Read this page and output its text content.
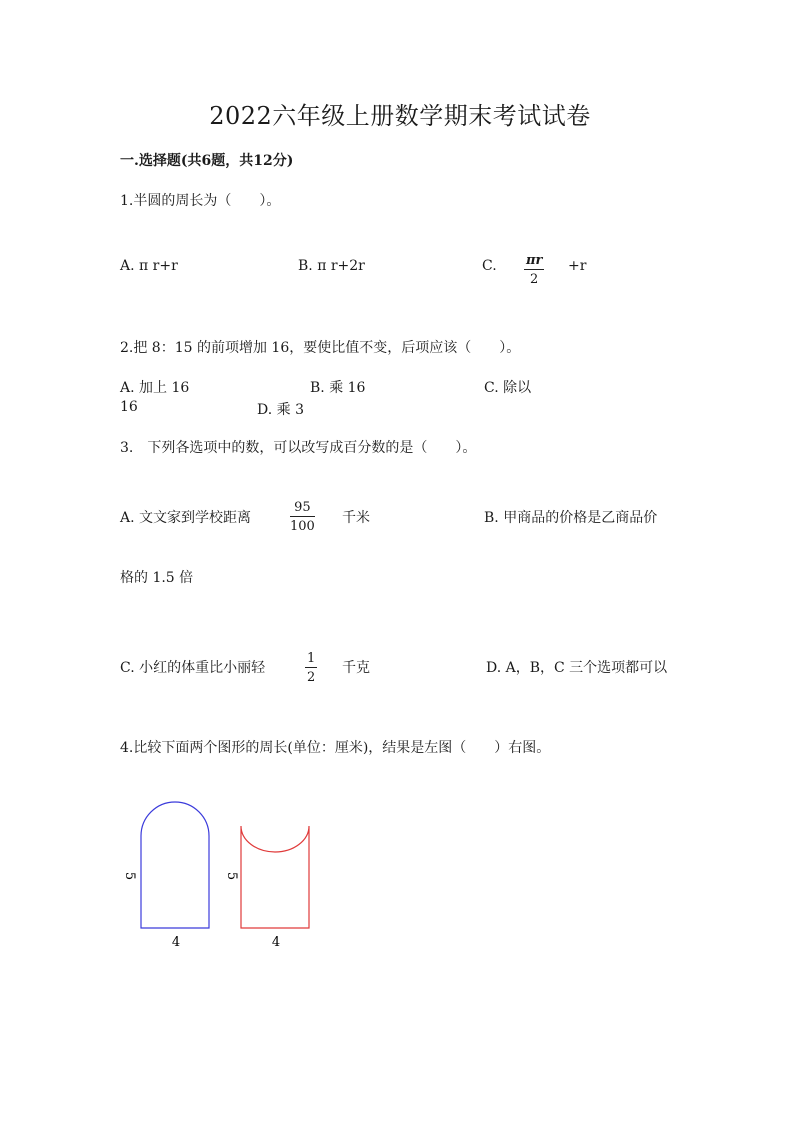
2022六年级上册数学期末考试试卷
一.选择题(共6题，共12分)
1.半圆的周长为（　　）。
A. π r+r	B. π r+2r	C. πr
2
+r
2.把 8：15 的前项增加 16，要使比值不变，后项应该（　　）。
A. 加上 16	B. 乘 16	C. 除以
16	D. 乘 3
3.　下列各选项中的数，可以改写成百分数的是（　　）。
A. 文文家到学校距离
95
100
千米	B. 甲商品的价格是乙商品价
格的 1.5 倍
C. 小红的体重比小丽轻
1
2
千克	D. A，B，C 三个选项都可以
4.比较下面两个图形的周长(单位：厘米)，结果是左图（　　）右图。
5
4
5
4
